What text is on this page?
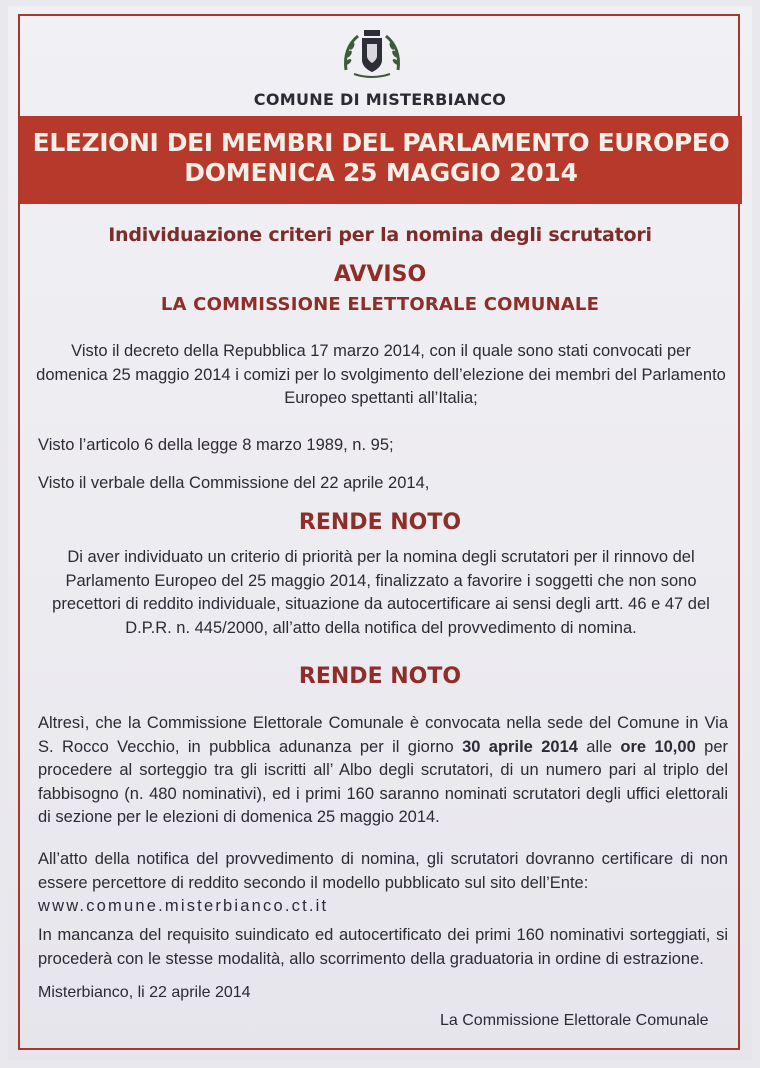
COMUNE DI MISTERBIANCO
ELEZIONI DEI MEMBRI DEL PARLAMENTO EUROPEO
DOMENICA 25 MAGGIO 2014
Individuazione criteri per la nomina degli scrutatori
AVVISO
LA COMMISSIONE ELETTORALE COMUNALE
Visto il decreto della Repubblica 17 marzo 2014, con il quale sono stati convocati per domenica 25 maggio 2014 i comizi per lo svolgimento dell’elezione dei membri del Parlamento Europeo spettanti all’Italia;
Visto l’articolo 6 della legge 8 marzo 1989, n. 95;
Visto il verbale della Commissione del 22 aprile 2014,
RENDE NOTO
Di aver individuato un criterio di priorità per la nomina degli scrutatori per il rinnovo del Parlamento Europeo del 25 maggio 2014, finalizzato a favorire i soggetti che non sono precettori di reddito individuale, situazione da autocertificare ai sensi degli artt. 46 e 47 del D.P.R. n. 445/2000, all’atto della notifica del provvedimento di nomina.
RENDE NOTO
Altresì, che la Commissione Elettorale Comunale è convocata nella sede del Comune in Via S. Rocco Vecchio, in pubblica adunanza per il giorno 30 aprile 2014 alle ore 10,00 per procedere al sorteggio tra gli iscritti all’ Albo degli scrutatori, di un numero pari al triplo del fabbisogno (n. 480 nominativi), ed i primi 160 saranno nominati scrutatori degli uffici elettorali di sezione per le elezioni di domenica 25 maggio 2014.
All’atto della notifica del provvedimento di nomina, gli scrutatori dovranno certificare di non essere percettore di reddito secondo il modello pubblicato sul sito dell’Ente:
www.comune.misterbianco.ct.it
In mancanza del requisito suindicato ed autocertificato dei primi 160 nominativi sorteggiati, si procederà con le stesse modalità, allo scorrimento della graduatoria in ordine di estrazione.
Misterbianco, li 22 aprile 2014
La Commissione Elettorale Comunale
